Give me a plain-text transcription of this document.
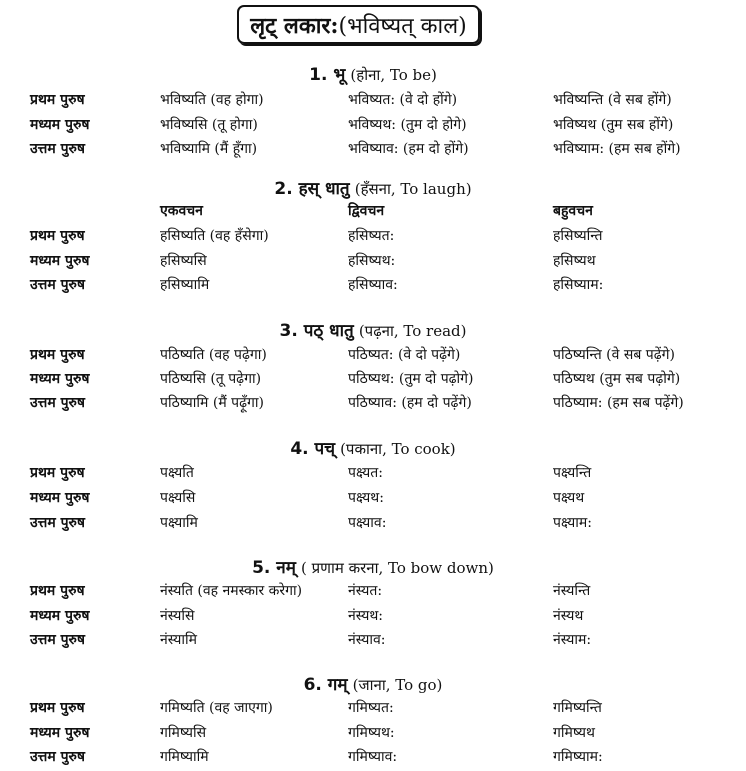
लृट् लकार: (भविष्यत् काल)
1. भू (होना, To be)
प्रथम पुरुष	भविष्यति (वह होगा)	भविष्यत: (वे दो होंगे)	भविष्यन्ति (वे सब होंगे)
मध्यम पुरुष	भविष्यसि (तू होगा)	भविष्यथ: (तुम दो होगे)	भविष्यथ (तुम सब होंगे)
उत्तम पुरुष	भविष्यामि (मैं हूँगा)	भविष्याव: (हम दो होंगे)	भविष्याम: (हम सब होंगे)
2. हस् धातु (हँसना, To laugh)
एकवचन	द्विवचन	बहुवचन
प्रथम पुरुष	हसिष्यति (वह हँसेगा)	हसिष्यत:	हसिष्यन्ति
मध्यम पुरुष	हसिष्यसि	हसिष्यथ:	हसिष्यथ
उत्तम पुरुष	हसिष्यामि	हसिष्याव:	हसिष्याम:
3. पठ् धातु (पढ़ना, To read)
प्रथम पुरुष	पठिष्यति (वह पढ़ेगा)	पठिष्यत: (वे दो पढ़ेंगे)	पठिष्यन्ति (वे सब पढ़ेंगे)
मध्यम पुरुष	पठिष्यसि (तू पढ़ेगा)	पठिष्यथ: (तुम दो पढ़ोगे)	पठिष्यथ (तुम सब पढ़ोगे)
उत्तम पुरुष	पठिष्यामि (मैं पढ़ूँगा)	पठिष्याव: (हम दो पढ़ेंगे)	पठिष्याम: (हम सब पढ़ेंगे)
4. पच् (पकाना, To cook)
प्रथम पुरुष	पक्ष्यति	पक्ष्यत:	पक्ष्यन्ति
मध्यम पुरुष	पक्ष्यसि	पक्ष्यथ:	पक्ष्यथ
उत्तम पुरुष	पक्ष्यामि	पक्ष्याव:	पक्ष्याम:
5. नम् ( प्रणाम करना, To bow down)
प्रथम पुरुष	नंस्यति (वह नमस्कार करेगा)	नंस्यत:	नंस्यन्ति
मध्यम पुरुष	नंस्यसि	नंस्यथ:	नंस्यथ
उत्तम पुरुष	नंस्यामि	नंस्याव:	नंस्याम:
6. गम् (जाना, To go)
प्रथम पुरुष	गमिष्यति (वह जाएगा)	गमिष्यत:	गमिष्यन्ति
मध्यम पुरुष	गमिष्यसि	गमिष्यथ:	गमिष्यथ
उत्तम पुरुष	गमिष्यामि	गमिष्याव:	गमिष्याम:
